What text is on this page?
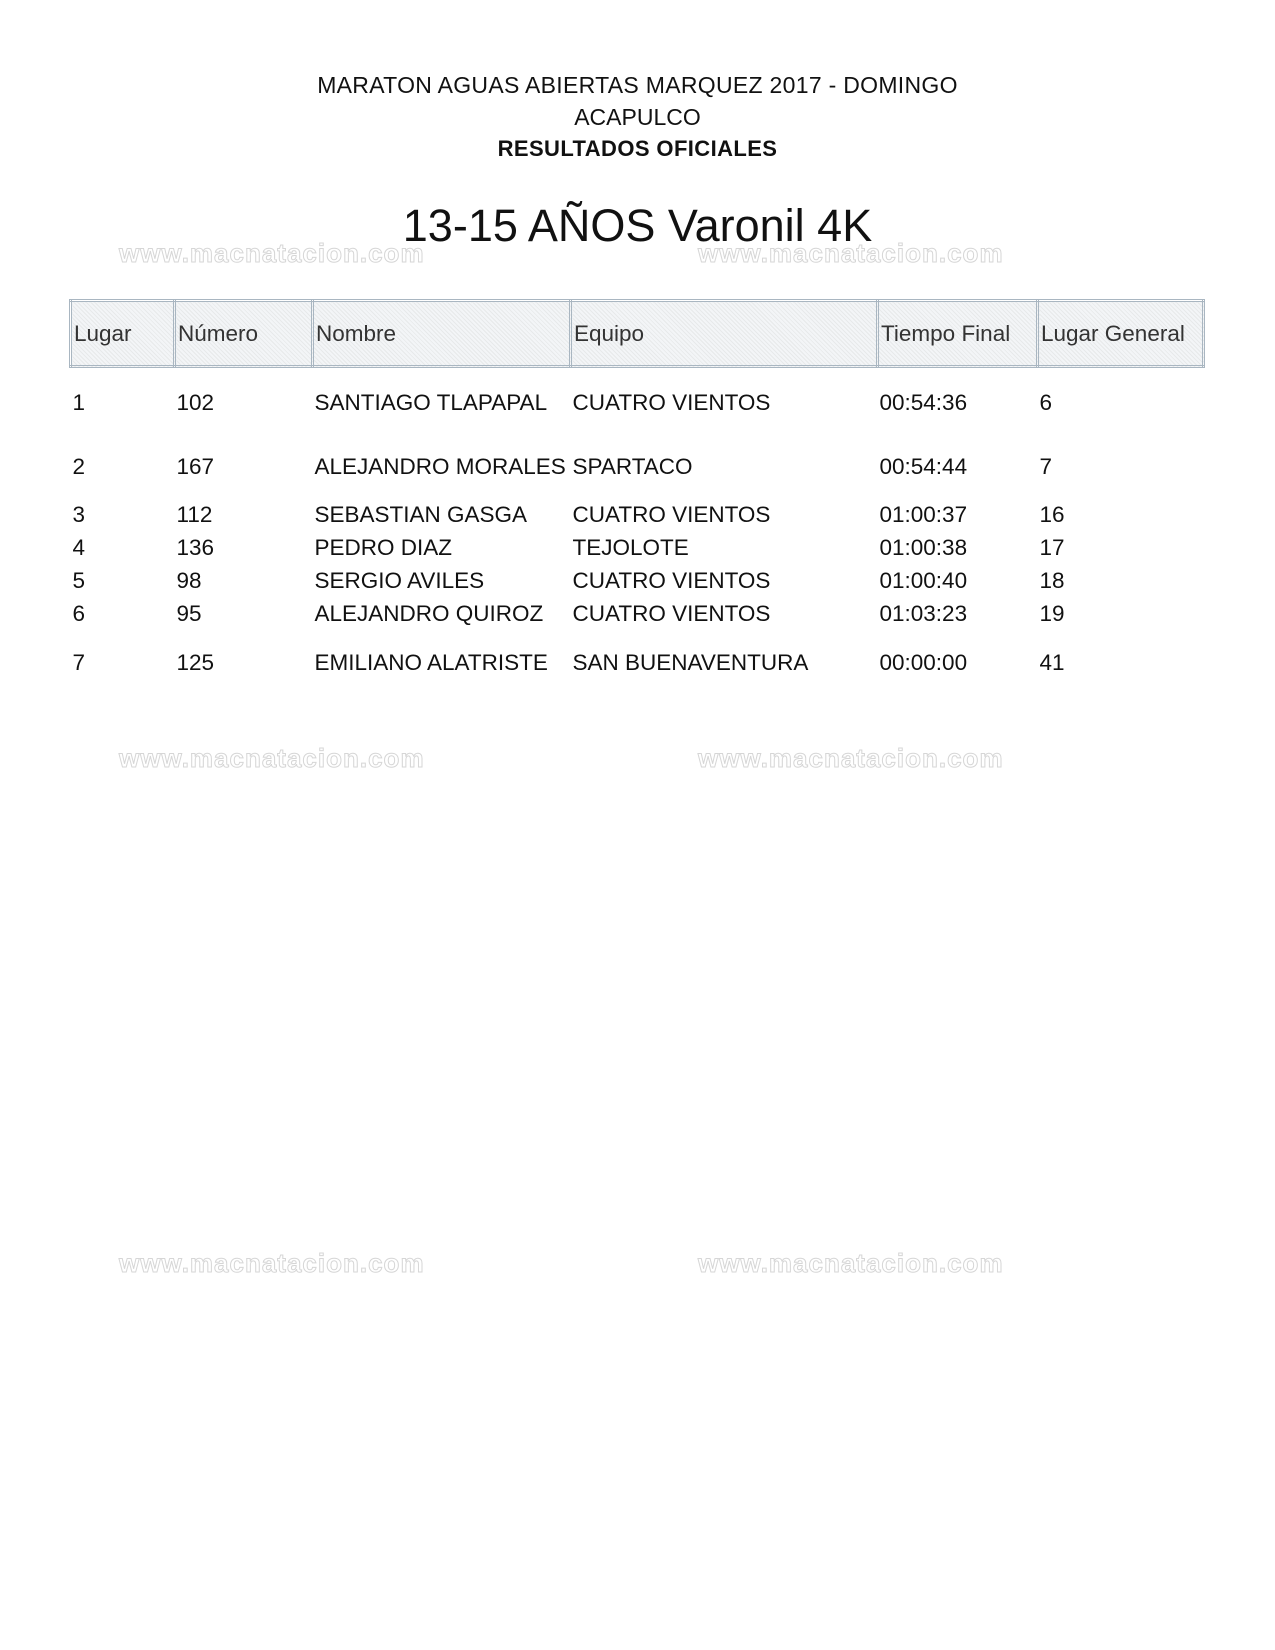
www.macnatacion.com	www.macnatacion.com
www.macnatacion.com	www.macnatacion.com
www.macnatacion.com	www.macnatacion.com
MARATON AGUAS ABIERTAS MARQUEZ 2017 - DOMINGO
ACAPULCO
RESULTADOS OFICIALES
13-15 AÑOS Varonil 4K
Lugar	Número	Nombre	Equipo	Tiempo Final	Lugar General
1	102	SANTIAGO TLAPAPAL	CUATRO VIENTOS	00:54:36	6
2	167	ALEJANDRO MORALES	SPARTACO	00:54:44	7
3	112	SEBASTIAN GASGA	CUATRO VIENTOS	01:00:37	16
4	136	PEDRO DIAZ	TEJOLOTE	01:00:38	17
5	98	SERGIO AVILES	CUATRO VIENTOS	01:00:40	18
6	95	ALEJANDRO QUIROZ	CUATRO VIENTOS	01:03:23	19
7	125	EMILIANO ALATRISTE	SAN BUENAVENTURA	00:00:00	41
